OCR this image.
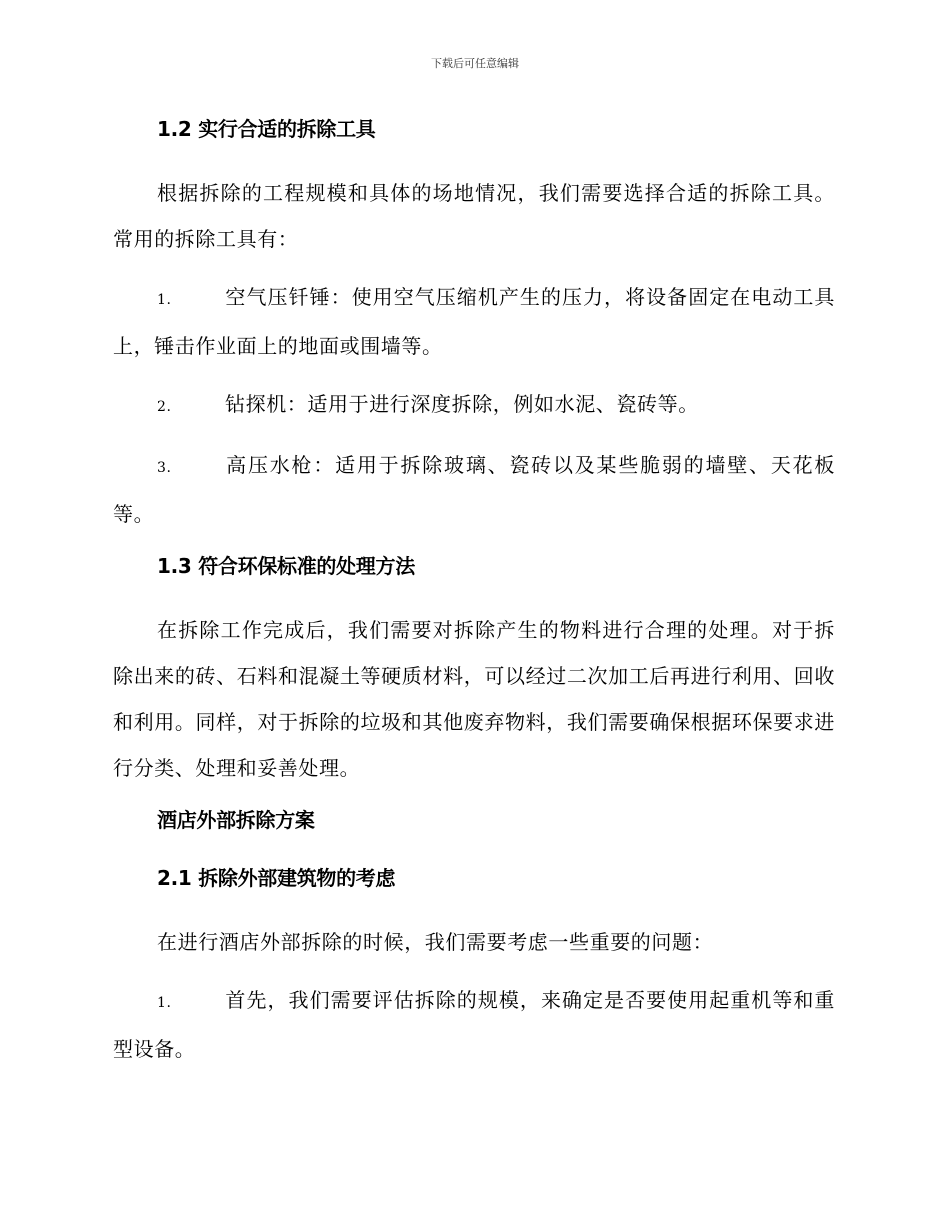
下载后可任意编辑
1.2 实行合适的拆除工具
根据拆除的工程规模和具体的场地情况，我们需要选择合适的拆除工具。常用的拆除工具有：
1.	空气压钎锤：使用空气压缩机产生的压力，将设备固定在电动工具上，锤击作业面上的地面或围墙等。
2.	钻探机：适用于进行深度拆除，例如水泥、瓷砖等。
3.	高压水枪：适用于拆除玻璃、瓷砖以及某些脆弱的墙壁、天花板等。
1.3 符合环保标准的处理方法
在拆除工作完成后，我们需要对拆除产生的物料进行合理的处理。对于拆除出来的砖、石料和混凝土等硬质材料，可以经过二次加工后再进行利用、回收和利用。同样，对于拆除的垃圾和其他废弃物料，我们需要确保根据环保要求进行分类、处理和妥善处理。
酒店外部拆除方案
2.1 拆除外部建筑物的考虑
在进行酒店外部拆除的时候，我们需要考虑一些重要的问题：
1.	首先，我们需要评估拆除的规模，来确定是否要使用起重机等和重型设备。
